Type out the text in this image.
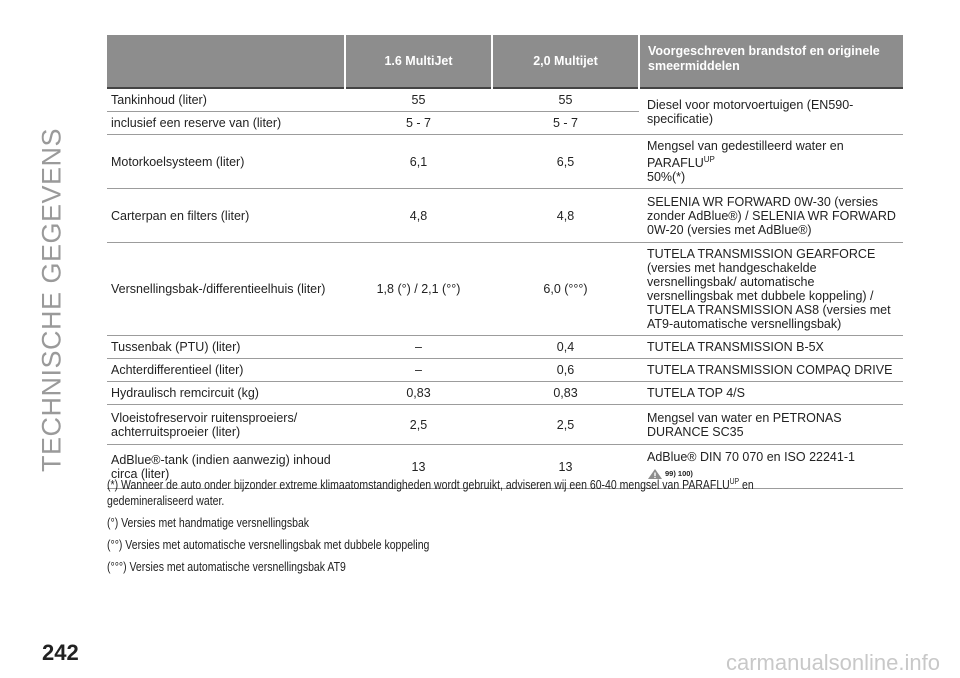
TECHNISCHE GEGEVENS
	1.6 MultiJet	2,0 Multijet	Voorgeschreven brandstof en originele smeermiddelen
Tankinhoud (liter)	55	55	Diesel voor motorvoertuigen (EN590-specificatie)
inclusief een reserve van (liter)	5 - 7	5 - 7	
Motorkoelsysteem (liter)	6,1	6,5	Mengsel van gedestilleerd water en $PARAFLU^{UP}$
50%(*)
Carterpan en filters (liter)	4,8	4,8	SELENIA WR FORWARD 0W-30 (versies zonder AdBlue®) / SELENIA WR FORWARD 0W-20 (versies met AdBlue®)
Versnellingsbak-/differentieelhuis (liter)	1,8 (°) / 2,1 (°°)	6,0 (°°°)	TUTELA TRANSMISSION GEARFORCE (versies met handgeschakelde versnellingsbak/ automatische versnellingsbak met dubbele koppeling) / TUTELA TRANSMISSION AS8 (versies met AT9-automatische versnellingsbak)
Tussenbak (PTU) (liter)	–	0,4	TUTELA TRANSMISSION B-5X
Achterdifferentieel (liter)	–	0,6	TUTELA TRANSMISSION COMPAQ DRIVE
Hydraulisch remcircuit (kg)	0,83	0,83	TUTELA TOP 4/S
Vloeistofreservoir ruitensproeiers/ achterruitsproeier (liter)	2,5	2,5	Mengsel van water en PETRONAS DURANCE SC35
AdBlue®-tank (indien aanwezig) inhoud circa (liter)	13	13	AdBlue® DIN 70 070 en ISO 22241-1
99) 100)

(*) Wanneer de auto onder bijzonder extreme klimaatomstandigheden wordt gebruikt, adviseren wij een 60-40 mengsel van $PARAFLU^{UP}$ en gedemineraliseerd water.

(°) Versies met handmatige versnellingsbak

(°°) Versies met automatische versnellingsbak met dubbele koppeling

(°°°) Versies met automatische versnellingsbak AT9

242	carmanualsonline.info
